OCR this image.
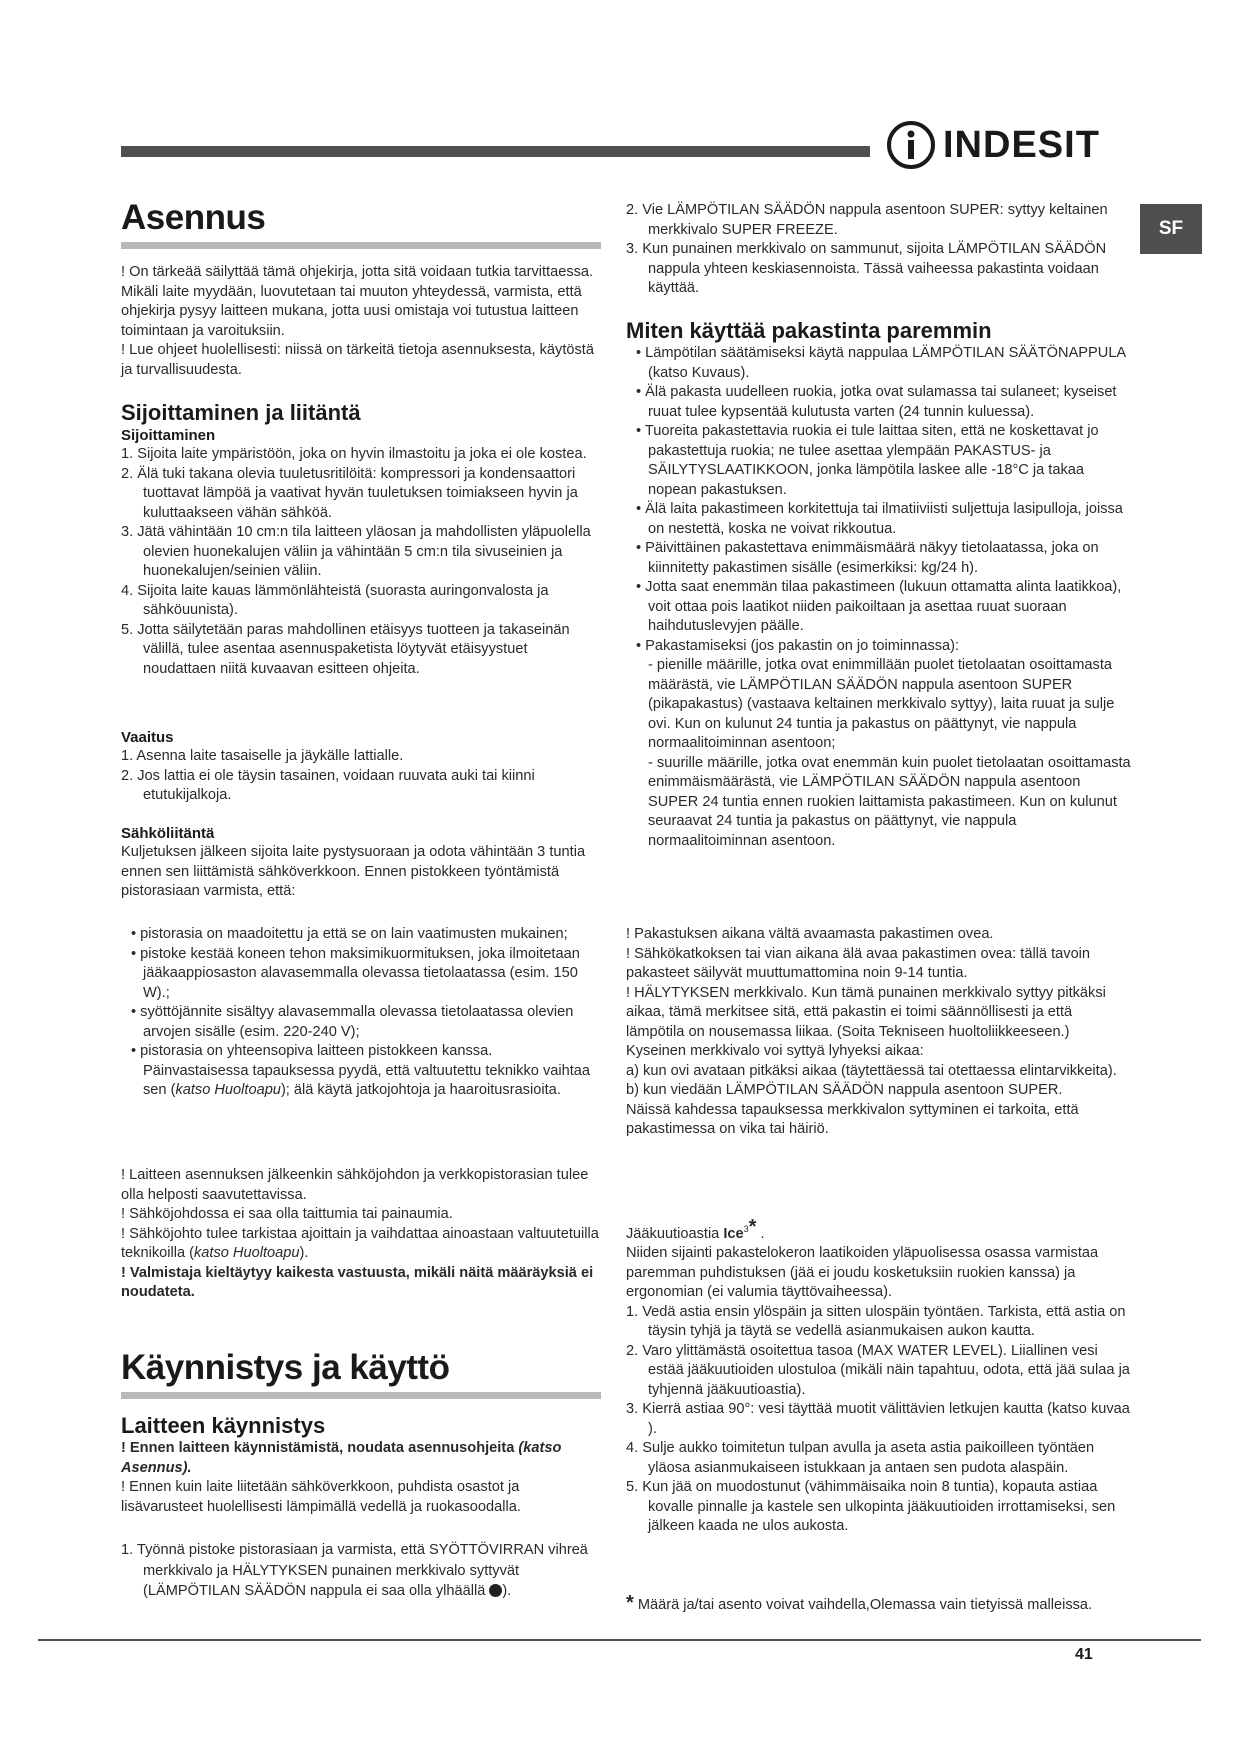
INDESIT
SF
Asennus

! On tärkeää säilyttää tämä ohjekirja, jotta sitä voidaan tutkia tarvittaessa. Mikäli laite myydään, luovutetaan tai muuton yhteydessä, varmista, että ohjekirja pysyy laitteen mukana, jotta uusi omistaja voi tutustua laitteen toimintaan ja varoituksiin.

! Lue ohjeet huolellisesti: niissä on tärkeitä tietoja asennuksesta, käytöstä ja turvallisuudesta.

Sijoittaminen ja liitäntä
Sijoittaminen

1. Sijoita laite ympäristöön, joka on hyvin ilmastoitu ja joka ei ole kostea.

2. Älä tuki takana olevia tuuletusritilöitä: kompressori ja kondensaattori tuottavat lämpöä ja vaativat hyvän tuuletuksen toimiakseen hyvin ja kuluttaakseen vähän sähköä.

3. Jätä vähintään 10 cm:n tila laitteen yläosan ja mahdollisten yläpuolella olevien huonekalujen väliin ja vähintään 5 cm:n tila sivuseinien ja huonekalujen/seinien väliin.

4. Sijoita laite kauas lämmönlähteistä (suorasta auringonvalosta ja sähköuunista).

5. Jotta säilytetään paras mahdollinen etäisyys tuotteen ja takaseinän välillä, tulee asentaa asennuspaketista löytyvät etäisyystuet noudattaen niitä kuvaavan esitteen ohjeita.

Vaaitus

1. Asenna laite tasaiselle ja jäykälle lattialle.

2. Jos lattia ei ole täysin tasainen, voidaan ruuvata auki tai kiinni etutukijalkoja.

Sähköliitäntä

Kuljetuksen jälkeen sijoita laite pystysuoraan ja odota vähintään 3 tuntia ennen sen liittämistä sähköverkkoon. Ennen pistokkeen työntämistä pistorasiaan varmista, että:

• pistorasia on maadoitettu ja että se on lain vaatimusten mukainen;

• pistoke kestää koneen tehon maksimikuormituksen, joka ilmoitetaan jääkaappiosaston alavasemmalla olevassa tietolaatassa (esim. 150 W).;

• syöttöjännite sisältyy alavasemmalla olevassa tietolaatassa olevien arvojen sisälle (esim. 220-240 V);

• pistorasia on yhteensopiva laitteen pistokkeen kanssa. Päinvastaisessa tapauksessa pyydä, että valtuutettu teknikko vaihtaa sen (katso Huoltoapu); älä käytä jatkojohtoja ja haaroitusrasioita.

! Laitteen asennuksen jälkeenkin sähköjohdon ja verkkopistorasian tulee olla helposti saavutettavissa.

! Sähköjohdossa ei saa olla taittumia tai painaumia.

! Sähköjohto tulee tarkistaa ajoittain ja vaihdattaa ainoastaan valtuutetuilla teknikoilla (katso Huoltoapu).

! Valmistaja kieltäytyy kaikesta vastuusta, mikäli näitä määräyksiä ei noudateta.

Käynnistys ja käyttö
Laitteen käynnistys

! Ennen laitteen käynnistämistä, noudata asennusohjeita (katso Asennus).

! Ennen kuin laite liitetään sähköverkkoon, puhdista osastot ja lisävarusteet huolellisesti lämpimällä vedellä ja ruokasoodalla.

1. Työnnä pistoke pistorasiaan ja varmista, että SYÖTTÖVIRRAN vihreä merkkivalo ja HÄLYTYKSEN punainen merkkivalo syttyvät (LÄMPÖTILAN SÄÄDÖN nappula ei saa olla ylhäällä ).

2. Vie LÄMPÖTILAN SÄÄDÖN nappula asentoon SUPER: syttyy keltainen merkkivalo SUPER FREEZE.

3. Kun punainen merkkivalo on sammunut, sijoita LÄMPÖTILAN SÄÄDÖN nappula yhteen keskiasennoista. Tässä vaiheessa pakastinta voidaan käyttää.

Miten käyttää pakastinta paremmin

• Lämpötilan säätämiseksi käytä nappulaa LÄMPÖTILAN SÄÄTÖNAPPULA (katso Kuvaus).

• Älä pakasta uudelleen ruokia, jotka ovat sulamassa tai sulaneet; kyseiset ruuat tulee kypsentää kulutusta varten (24 tunnin kuluessa).

• Tuoreita pakastettavia ruokia ei tule laittaa siten, että ne koskettavat jo pakastettuja ruokia; ne tulee asettaa ylempään PAKASTUS- ja SÄILYTYSLAATIKKOON, jonka lämpötila laskee alle -18°C ja takaa nopean pakastuksen.

• Älä laita pakastimeen korkitettuja tai ilmatiiviisti suljettuja lasipulloja, joissa on nestettä, koska ne voivat rikkoutua.

• Päivittäinen pakastettava enimmäismäärä näkyy tietolaatassa, joka on kiinnitetty pakastimen sisälle (esimerkiksi: kg/24 h).

• Jotta saat enemmän tilaa pakastimeen (lukuun ottamatta alinta laatikkoa), voit ottaa pois laatikot niiden paikoiltaan ja asettaa ruuat suoraan haihdutuslevyjen päälle.

• Pakastamiseksi (jos pakastin on jo toiminnassa):

- pienille määrille, jotka ovat enimmillään puolet tietolaatan osoittamasta määrästä, vie LÄMPÖTILAN SÄÄDÖN nappula asentoon SUPER (pikapakastus) (vastaava keltainen merkkivalo syttyy), laita ruuat ja sulje ovi. Kun on kulunut 24 tuntia ja pakastus on päättynyt, vie nappula normaalitoiminnan asentoon;

- suurille määrille, jotka ovat enemmän kuin puolet tietolaatan osoittamasta enimmäismäärästä, vie LÄMPÖTILAN SÄÄDÖN nappula asentoon SUPER 24 tuntia ennen ruokien laittamista pakastimeen. Kun on kulunut seuraavat 24 tuntia ja pakastus on päättynyt, vie nappula normaalitoiminnan asentoon.

! Pakastuksen aikana vältä avaamasta pakastimen ovea.

! Sähkökatkoksen tai vian aikana älä avaa pakastimen ovea: tällä tavoin pakasteet säilyvät muuttumattomina noin 9-14 tuntia.

! HÄLYTYKSEN merkkivalo. Kun tämä punainen merkkivalo syttyy pitkäksi aikaa, tämä merkitsee sitä, että pakastin ei toimi säännöllisesti ja että lämpötila on nousemassa liikaa. (Soita Tekniseen huoltoliikkeeseen.)

Kyseinen merkkivalo voi syttyä lyhyeksi aikaa:

a) kun ovi avataan pitkäksi aikaa (täytettäessä tai otettaessa elintarvikkeita).

b) kun viedään LÄMPÖTILAN SÄÄDÖN nappula asentoon SUPER.

Näissä kahdessa tapauksessa merkkivalon syttyminen ei tarkoita, että pakastimessa on vika tai häiriö.

Jääkuutioastia Ice$^3$* .

Niiden sijainti pakastelokeron laatikoiden yläpuolisessa osassa varmistaa paremman puhdistuksen (jää ei joudu kosketuksiin ruokien kanssa) ja ergonomian (ei valumia täyttövaiheessa).

1. Vedä astia ensin ylöspäin ja sitten ulospäin työntäen. Tarkista, että astia on täysin tyhjä ja täytä se vedellä asianmukaisen aukon kautta.

2. Varo ylittämästä osoitettua tasoa (MAX WATER LEVEL). Liiallinen vesi estää jääkuutioiden ulostuloa (mikäli näin tapahtuu, odota, että jää sulaa ja tyhjennä jääkuutioastia).

3. Kierrä astiaa 90°: vesi täyttää muotit välittävien letkujen kautta (katso kuvaa ).

4. Sulje aukko toimitetun tulpan avulla ja aseta astia paikoilleen työntäen yläosa asianmukaiseen istukkaan ja antaen sen pudota alaspäin.

5. Kun jää on muodostunut (vähimmäisaika noin 8 tuntia), kopauta astiaa kovalle pinnalle ja kastele sen ulkopinta jääkuutioiden irrottamiseksi, sen jälkeen kaada ne ulos aukosta.

* Määrä ja/tai asento voivat vaihdella,Olemassa vain tietyissä malleissa.

41
